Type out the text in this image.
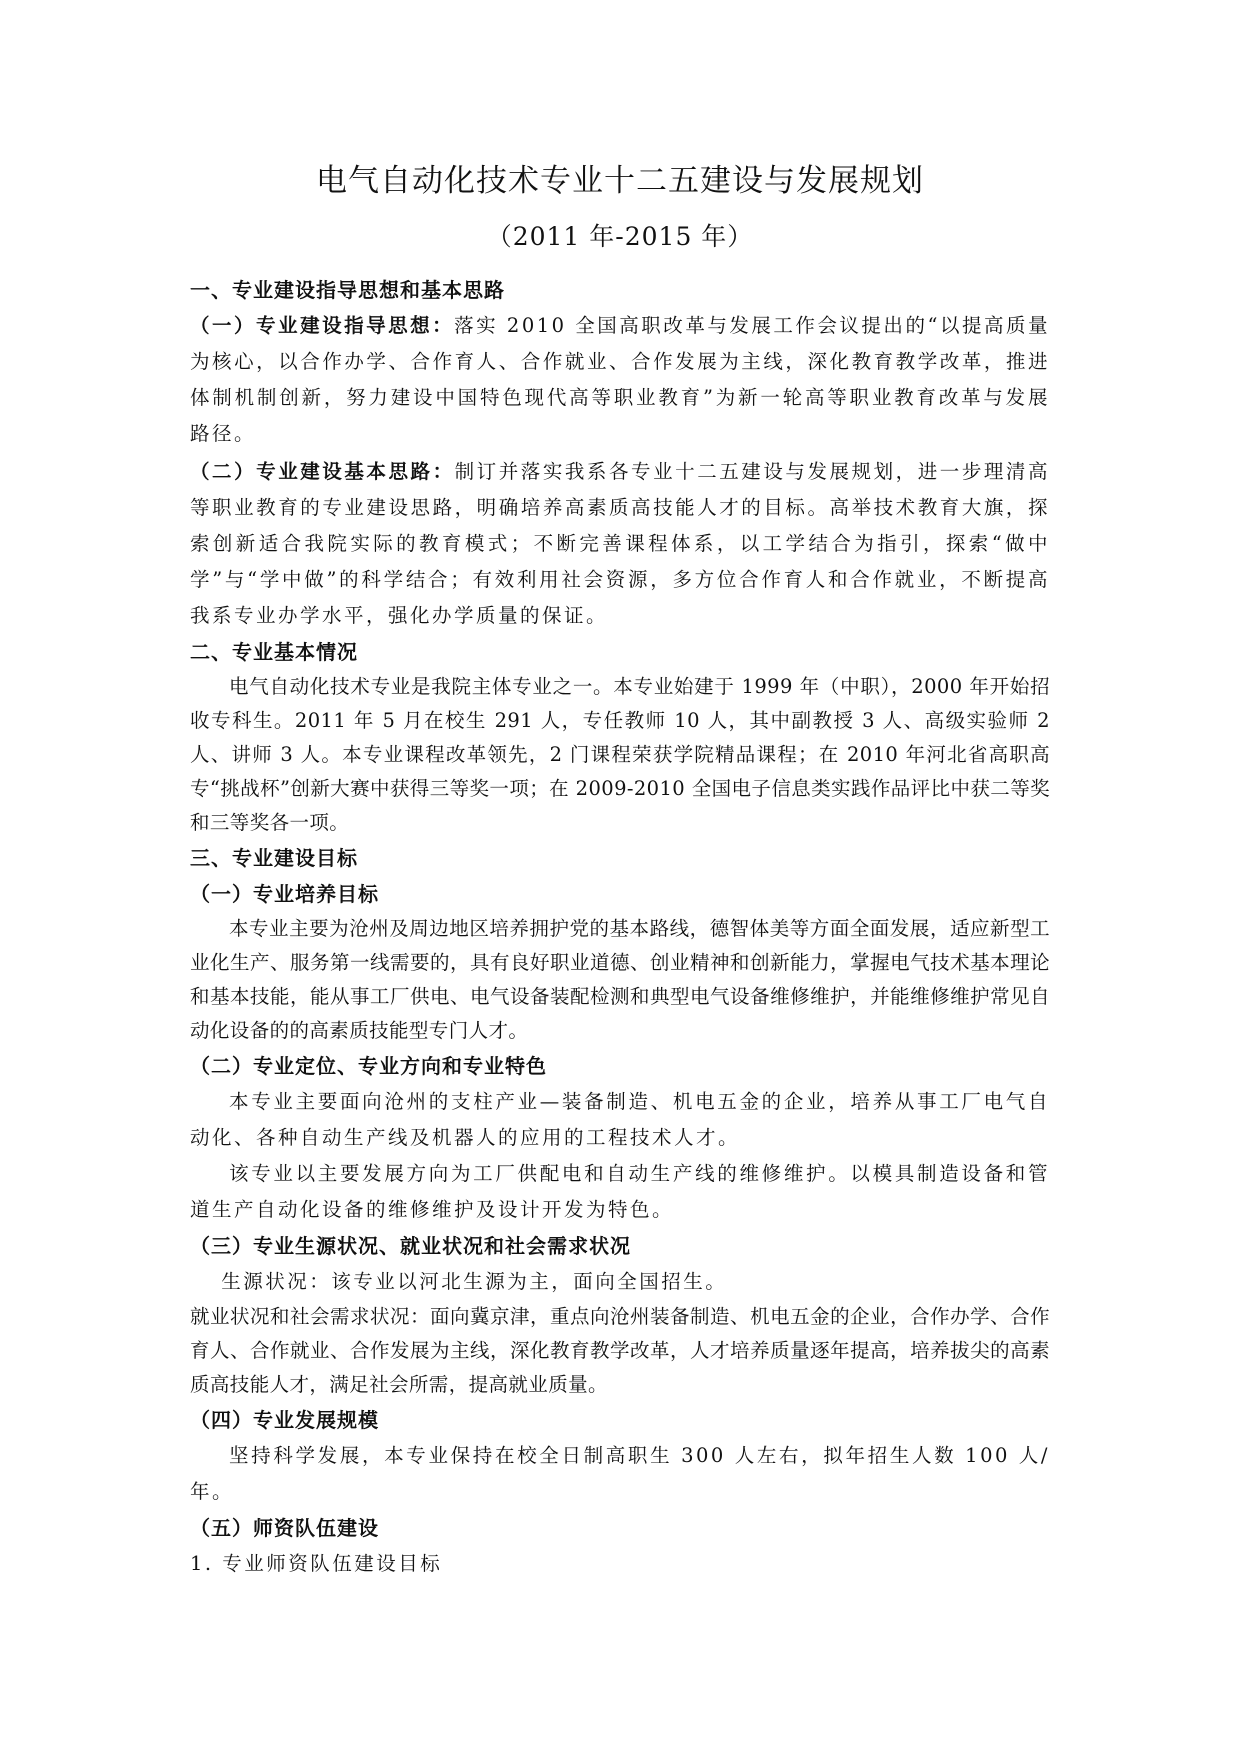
电气自动化技术专业十二五建设与发展规划
（2011 年-2015 年）
一、专业建设指导思想和基本思路

（一）专业建设指导思想：落实 2010 全国高职改革与发展工作会议提出的“以提高质量为核心，以合作办学、合作育人、合作就业、合作发展为主线，深化教育教学改革，推进体制机制创新，努力建设中国特色现代高等职业教育”为新一轮高等职业教育改革与发展路径。

（二）专业建设基本思路：制订并落实我系各专业十二五建设与发展规划，进一步理清高等职业教育的专业建设思路，明确培养高素质高技能人才的目标。高举技术教育大旗，探索创新适合我院实际的教育模式；不断完善课程体系，以工学结合为指引，探索“做中学”与“学中做”的科学结合；有效利用社会资源，多方位合作育人和合作就业，不断提高我系专业办学水平，强化办学质量的保证。

二、专业基本情况

电气自动化技术专业是我院主体专业之一。本专业始建于 1999 年（中职），2000 年开始招收专科生。2011 年 5 月在校生 291 人，专任教师 10 人，其中副教授 3 人、高级实验师 2 人、讲师 3 人。本专业课程改革领先，2 门课程荣获学院精品课程；在 2010 年河北省高职高专“挑战杯”创新大赛中获得三等奖一项；在 2009-2010 全国电子信息类实践作品评比中获二等奖和三等奖各一项。

三、专业建设目标
（一）专业培养目标

本专业主要为沧州及周边地区培养拥护党的基本路线，德智体美等方面全面发展，适应新型工业化生产、服务第一线需要的，具有良好职业道德、创业精神和创新能力，掌握电气技术基本理论和基本技能，能从事工厂供电、电气设备装配检测和典型电气设备维修维护，并能维修维护常见自动化设备的的高素质技能型专门人才。

（二）专业定位、专业方向和专业特色

本专业主要面向沧州的支柱产业—装备制造、机电五金的企业，培养从事工厂电气自动化、各种自动生产线及机器人的应用的工程技术人才。

该专业以主要发展方向为工厂供配电和自动生产线的维修维护。以模具制造设备和管道生产自动化设备的维修维护及设计开发为特色。

（三）专业生源状况、就业状况和社会需求状况

生源状况：该专业以河北生源为主，面向全国招生。

就业状况和社会需求状况：面向冀京津，重点向沧州装备制造、机电五金的企业，合作办学、合作育人、合作就业、合作发展为主线，深化教育教学改革，人才培养质量逐年提高，培养拔尖的高素质高技能人才，满足社会所需，提高就业质量。

（四）专业发展规模

坚持科学发展，本专业保持在校全日制高职生 300 人左右，拟年招生人数 100 人/年。

（五）师资队伍建设

1. 专业师资队伍建设目标
